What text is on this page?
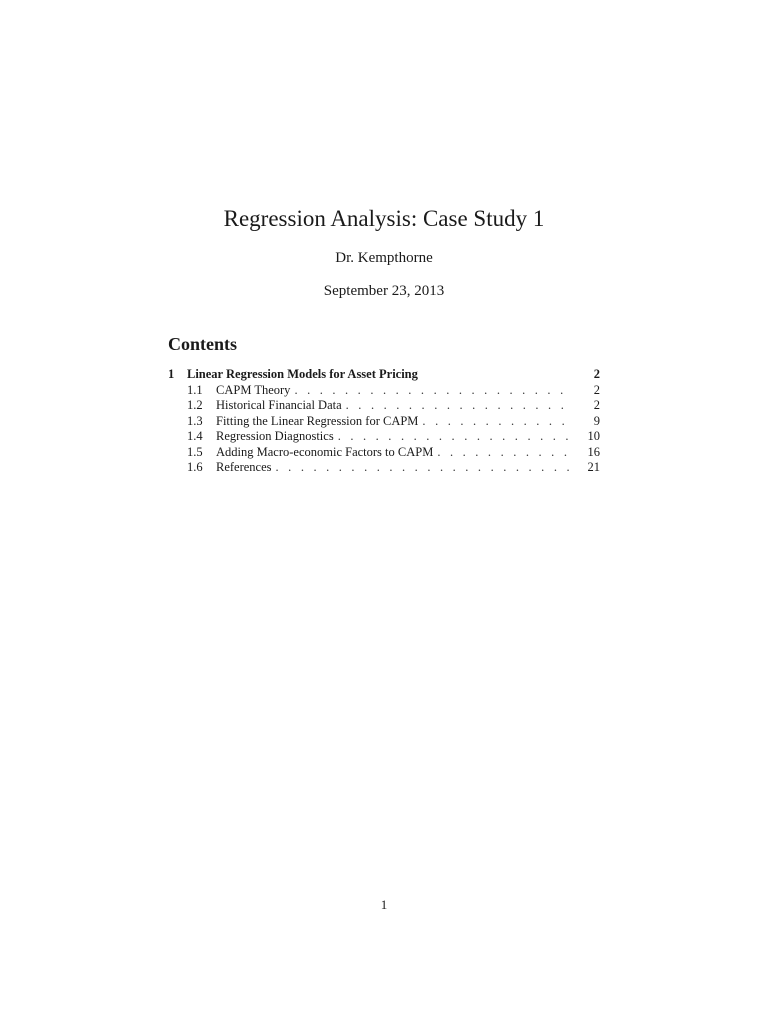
Regression Analysis: Case Study 1
Dr. Kempthorne
September 23, 2013
Contents
1	Linear Regression Models for Asset Pricing	2
1.1	CAPM Theory . . .	2
1.2	Historical Financial Data . . .	2
1.3	Fitting the Linear Regression for CAPM . . .	9
1.4	Regression Diagnostics . . .	10
1.5	Adding Macro-economic Factors to CAPM . . .	16
1.6	References . . .	21
1
